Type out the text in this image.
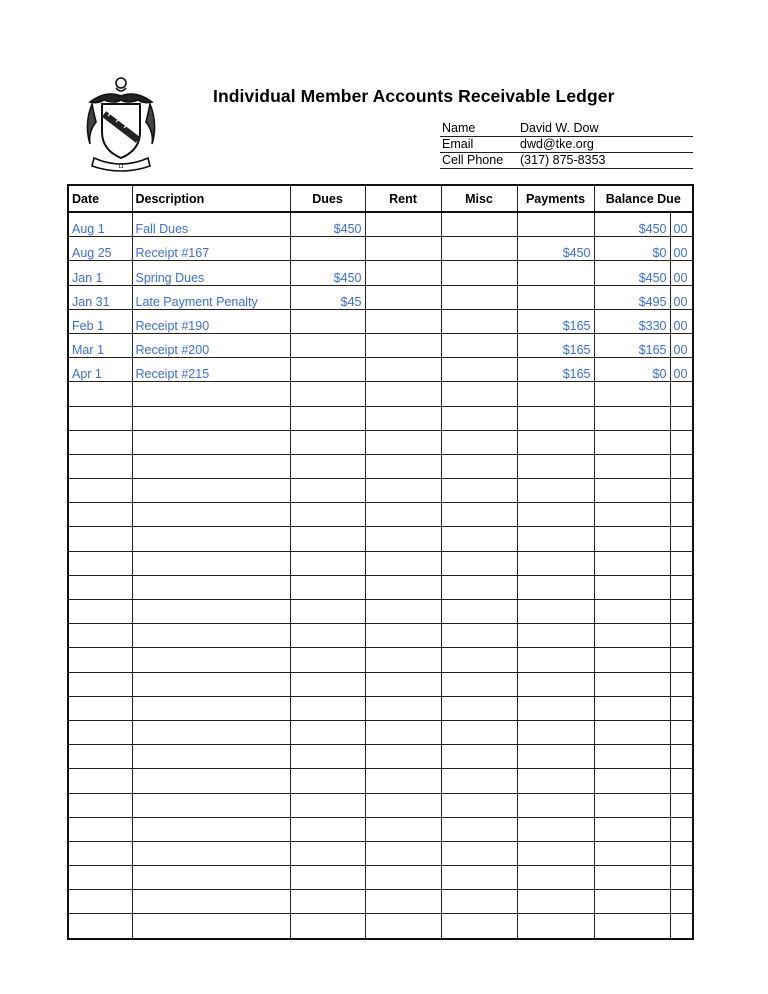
Ω
Individual Member Accounts Receivable Ledger
Name	David W. Dow
Email	dwd@tke.org
Cell Phone	(317) 875-8353
Date	Description	Dues	Rent	Misc	Payments	Balance Due	
Aug 1	Fall Dues	$450				$450	00
Aug 25	Receipt #167				$450	$0	00
Jan 1	Spring Dues	$450				$450	00
Jan 31	Late Payment Penalty	$45				$495	00
Feb 1	Receipt #190				$165	$330	00
Mar 1	Receipt #200				$165	$165	00
Apr 1	Receipt #215				$165	$0	00
